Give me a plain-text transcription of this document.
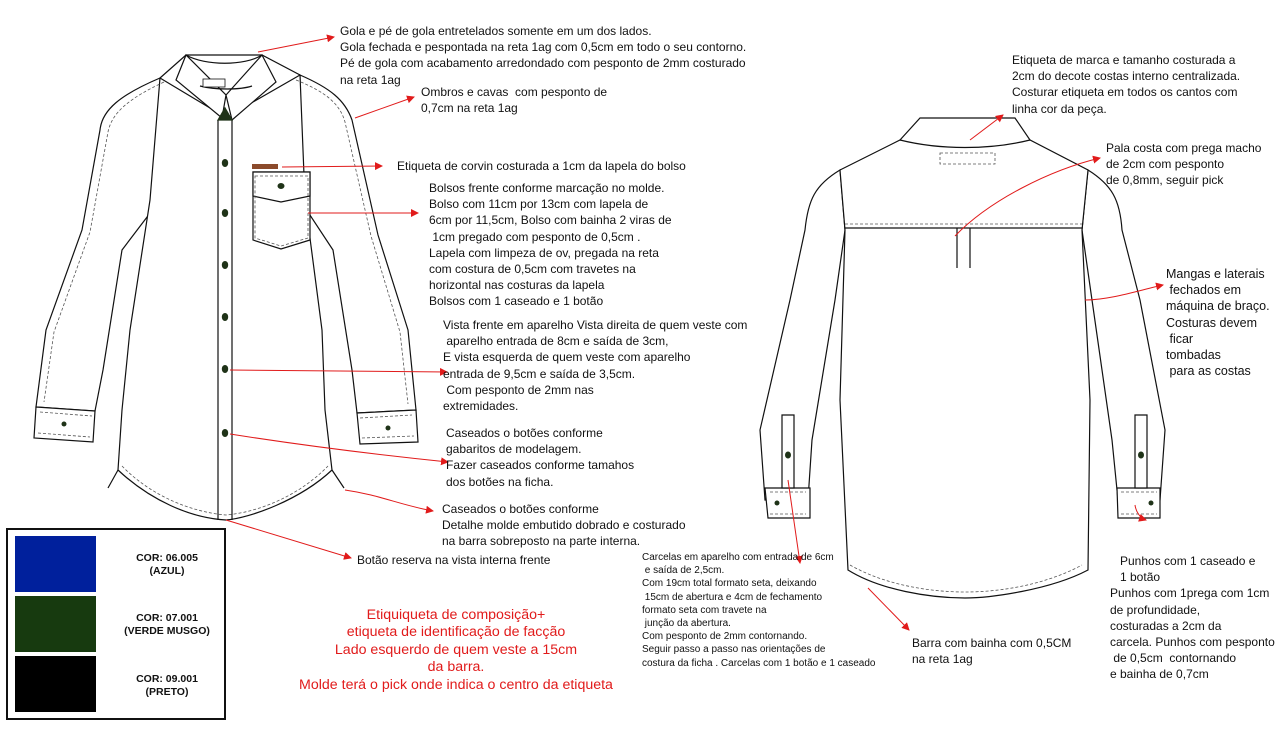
Gola e pé de gola entretelados somente em um dos lados.
Gola fechada e pespontada na reta 1ag com 0,5cm em todo o seu contorno.
Pé de gola com acabamento arredondado com pesponto de 2mm costurado
na reta 1ag
Ombros e cavas  com pesponto de
0,7cm na reta 1ag
Etiqueta de corvin costurada a 1cm da lapela do bolso
Bolsos frente conforme marcação no molde.
Bolso com 11cm por 13cm com lapela de
6cm por 11,5cm, Bolso com bainha 2 viras de
1cm pregado com pesponto de 0,5cm .
Lapela com limpeza de ov, pregada na reta
com costura de 0,5cm com travetes na
horizontal nas costuras da lapela
Bolsos com 1 caseado e 1 botão
Vista frente em aparelho Vista direita de quem veste com
aparelho entrada de 8cm e saída de 3cm,
E vista esquerda de quem veste com aparelho
entrada de 9,5cm e saída de 3,5cm.
Com pesponto de 2mm nas
extremidades.
Caseados o botões conforme
gabaritos de modelagem.
Fazer caseados conforme tamahos
dos botões na ficha.
Caseados o botões conforme
Detalhe molde embutido dobrado e costurado
na barra sobreposto na parte interna.
Botão reserva na vista interna frente
Etiqueta de marca e tamanho costurada a
2cm do decote costas interno centralizada.
Costurar etiqueta em todos os cantos com
linha cor da peça.
Pala costa com prega macho
de 2cm com pesponto
de 0,8mm, seguir pick
Mangas e laterais
fechados em
máquina de braço.
Costuras devem
ficar
tombadas
para as costas
Carcelas em aparelho com entrada de 6cm
e saída de 2,5cm.
Com 19cm total formato seta, deixando
15cm de abertura e 4cm de fechamento
formato seta com travete na
junção da abertura.
Com pesponto de 2mm contornando.
Seguir passo a passo nas orientações de
costura da ficha . Carcelas com 1 botão e 1 caseado
Barra com bainha com 0,5CM
na reta 1ag
Punhos com 1 caseado e
1 botão
Punhos com 1prega com 1cm
de profundidade,
costuradas a 2cm da
carcela. Punhos com pesponto
de 0,5cm  contornando
e bainha de 0,7cm
Etiquiqueta de composição+
etiqueta de identificação de facção
Lado esquerdo de quem veste a 15cm
da barra.
Molde terá o pick onde indica o centro da etiqueta
COR: 06.005
(AZUL)
COR: 07.001
(VERDE MUSGO)
COR: 09.001
(PRETO)
